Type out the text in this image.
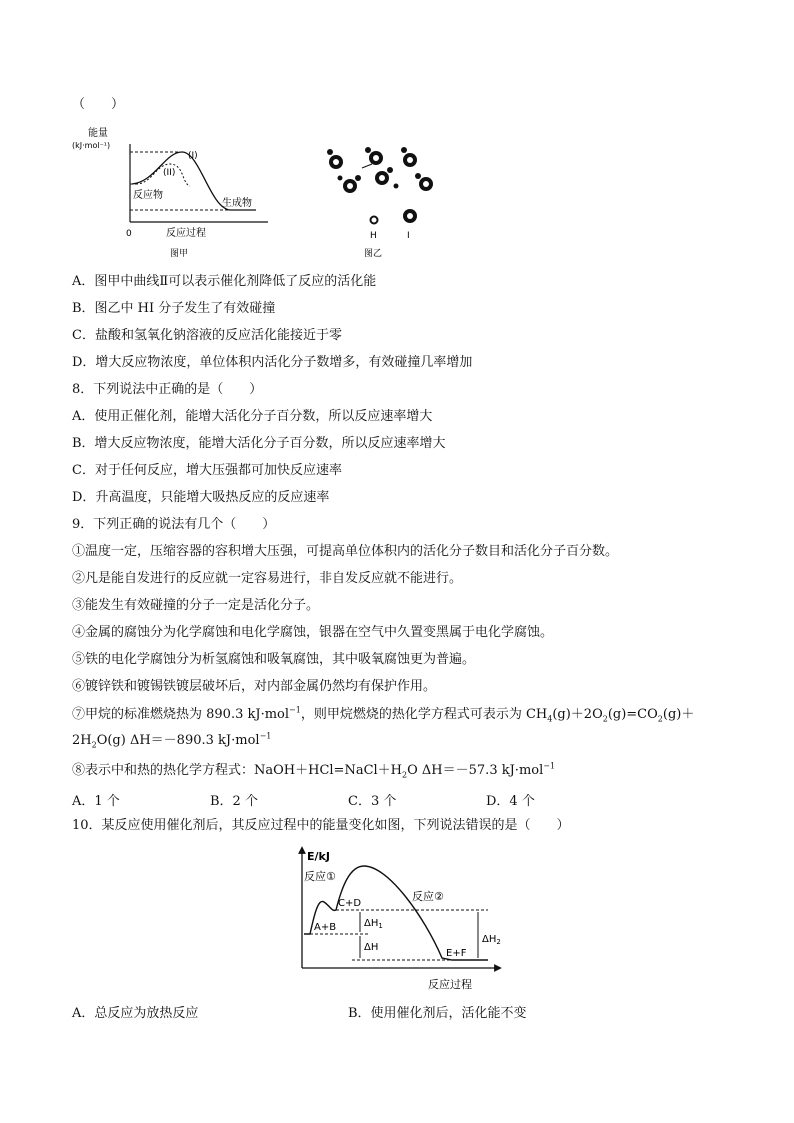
（　　）
能量
(kJ·mol⁻¹)
(I)
(II)
反应物
生成物
0	反应过程
图甲
H	I
图乙
A．图甲中曲线Ⅱ可以表示催化剂降低了反应的活化能
B．图乙中 HI 分子发生了有效碰撞
C．盐酸和氢氧化钠溶液的反应活化能接近于零
D．增大反应物浓度，单位体积内活化分子数增多，有效碰撞几率增加
8．下列说法中正确的是（　　）
A．使用正催化剂，能增大活化分子百分数，所以反应速率增大
B．增大反应物浓度，能增大活化分子百分数，所以反应速率增大
C．对于任何反应，增大压强都可加快反应速率
D．升高温度，只能增大吸热反应的反应速率
9．下列正确的说法有几个（　　）
①温度一定，压缩容器的容积增大压强，可提高单位体积内的活化分子数目和活化分子百分数。
②凡是能自发进行的反应就一定容易进行，非自发反应就不能进行。
③能发生有效碰撞的分子一定是活化分子。
④金属的腐蚀分为化学腐蚀和电化学腐蚀，银器在空气中久置变黑属于电化学腐蚀。
⑤铁的电化学腐蚀分为析氢腐蚀和吸氧腐蚀，其中吸氧腐蚀更为普遍。
⑥镀锌铁和镀锡铁镀层破坏后，对内部金属仍然均有保护作用。
⑦甲烷的标准燃烧热为 890.3 kJ·mol$^{-1}$，则甲烷燃烧的热化学方程式可表示为 $CH_4(g)+2O_2(g)=CO_2(g)+$
$2H_2O(g)$ ΔH＝－890.3 kJ·mol$^{-1}$
⑧表示中和热的热化学方程式：$NaOH+HCl=NaCl+H_2O$ ΔH＝－57.3 kJ·mol$^{-1}$
A．1 个	B．2 个	C．3 个	D．4 个
10．某反应使用催化剂后，其反应过程中的能量变化如图，下列说法错误的是（　　）
E/kJ
反应①
反应②
C+D
A+B
E+F
$\Delta H_1$
ΔH
$\Delta H_2$
反应过程
A．总反应为放热反应	B．使用催化剂后，活化能不变
